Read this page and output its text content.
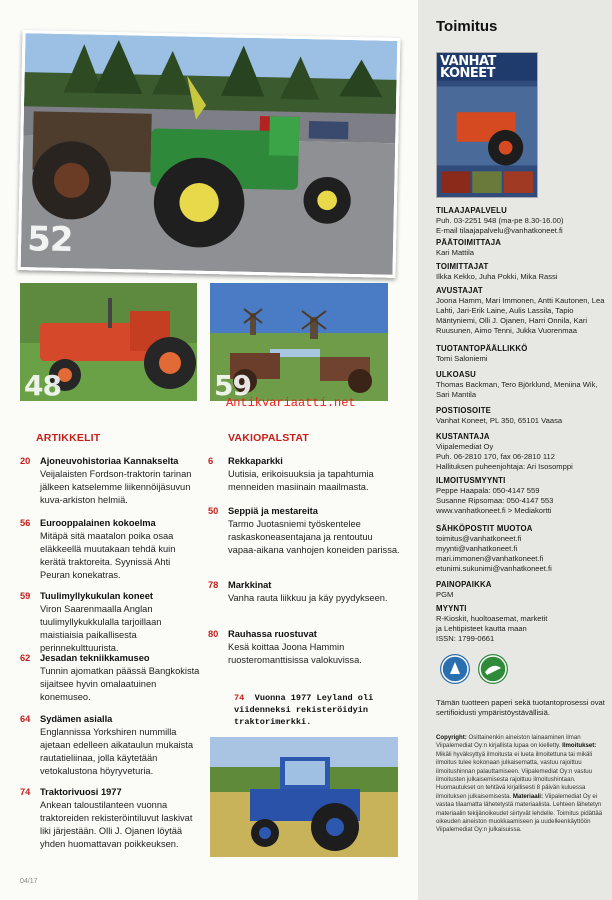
52
48	59
Antikvariaatti.net
ARTIKKELIT
20	Ajoneuvohistoriaa Kannakselta
Veijalaisten Fordson-traktorin tarinan jälkeen katselemme liikennöijäsuvun kuva-arkiston helmiä.
56	Eurooppalainen kokoelma
Mitäpä sitä maatalon poika osaa eläkkeellä muutakaan tehdä kuin kerätä traktoreita. Syynissä Ahti Peuran konekatras.
59	Tuulimyllykukulan koneet
Viron Saarenmaalla Anglan tuulimyllykukkulalla tarjoillaan maistiaisia paikallisesta perinnekulttuurista.
62	Jesadan tekniikkamuseo
Tunnin ajomatkan päässä Bangkokista sijaitsee hyvin omalaatuinen konemuseo.
64	Sydämen asialla
Englannissa Yorkshiren nummilla ajetaan edelleen aikataulun mukaista rautatieliinaa, jolla käytetään vetokalustona höyryveturia.
74	Traktorivuosi 1977
Ankean taloustilanteen vuonna traktoreiden rekisteröintiluvut laskivat liki järjestään. Olli J. Ojanen löytää yhden huomattavan poikkeuksen.
VAKIOPALSTAT
6	Rekkaparkki
Uutisia, erikoisuuksia ja tapahtumia menneiden masiinain maailmasta.
50	Seppiä ja mestareita
Tarmo Juotasniemi työskentelee raskaskoneasentajana ja rentoutuu vapaa-aikana vanhojen koneiden parissa.
78	Markkinat
Vanha rauta liikkuu ja käy pyydykseen.
80	Rauhassa ruostuvat
Kesä koittaa Joona Hammin ruosteromanttisissa valokuvissa.
74 Vuonna 1977 Leyland oli viidenneksi rekisteröidyin traktorimerkki.
04/17
Toimitus
VANHAT KONEET
TILAAJAPALVELU
Puh. 03-2251 948 (ma-pe 8.30-16.00)
E-mail tilaajapalvelu@vanhatkoneet.fi
PÄÄTOIMITTAJA
Kari Mattila
TOIMITTAJAT
Ilkka Kekko, Juha Pokki, Mika Rassi
AVUSTAJAT
Joona Hamm, Mari Immonen, Antti Kautonen, Lea Lahti, Jari-Erik Laine, Aulis Lassila, Tapio Mäntyniemi, Olli J. Ojanen, Harri Onnila, Kari Ruusunen, Aimo Tenni, Jukka Vuorenmaa
TUOTANTOPÄÄLLIKKÖ
Tomi Saloniemi
ULKOASU
Thomas Backman, Tero Björklund, Meniina Wik, Sari Mantila
POSTIOSOITE
Vanhat Koneet, PL 350, 65101 Vaasa
KUSTANTAJA
Viipalemediat Oy
Puh. 06-2810 170, fax 06-2810 112
Hallituksen puheenjohtaja: Ari Isosomppi
ILMOITUSMYYNTI
Peppe Haapala: 050-4147 559
Susanne Ripsomaa: 050-4147 553
www.vanhatkoneet.fi > Mediakortti
SÄHKÖPOSTIT MUOTOA
toimitus@vanhatkoneet.fi
myynti@vanhatkoneet.fi
mari.immonen@vanhatkoneet.fi
etunimi.sukunimi@vanhatkoneet.fi
PAINOPAIKKA
PGM
MYYNTI
R-Kioskit, huoltoasemat, marketit
ja Lehtipisteet kautta maan
ISSN: 1799-0661
Tämän tuotteen paperi sekä tuotantoprosessi ovat sertifioidusti ympäristöystävällisiä.
Copyright: Osittainenkin aineiston lainaaminen ilman Viipalemediat Oy:n kirjallista lupaa on kielletty. Ilmoitukset: Mikäli hyväksyttyä ilmoitusta ei lueta ilmoitettuna tai mikäli ilmoitus tulee kokonaan julkaisematta, vastuu rajoittuu ilmoitushinnan palauttamiseen. Viipalemediat Oy:n vastuu ilmoitusten julkaisemisesta rajoittuu ilmoitushintaan. Huomautukset on tehtävä kirjallisesti 8 päivän kuluessa ilmoituksen julkaisemisesta. Materiaali: Viipalemediat Oy ei vastaa tilaamatta lähetetystä materiaalista. Lehteen lähetetyn materiaalin tekijänoikeudet siirtyvät lehdelle. Toimitus pidättää oikeuden aineiston muokkaamiseen ja uudelleenkäyttöön Viipalemediat Oy:n julkaisuissa.
